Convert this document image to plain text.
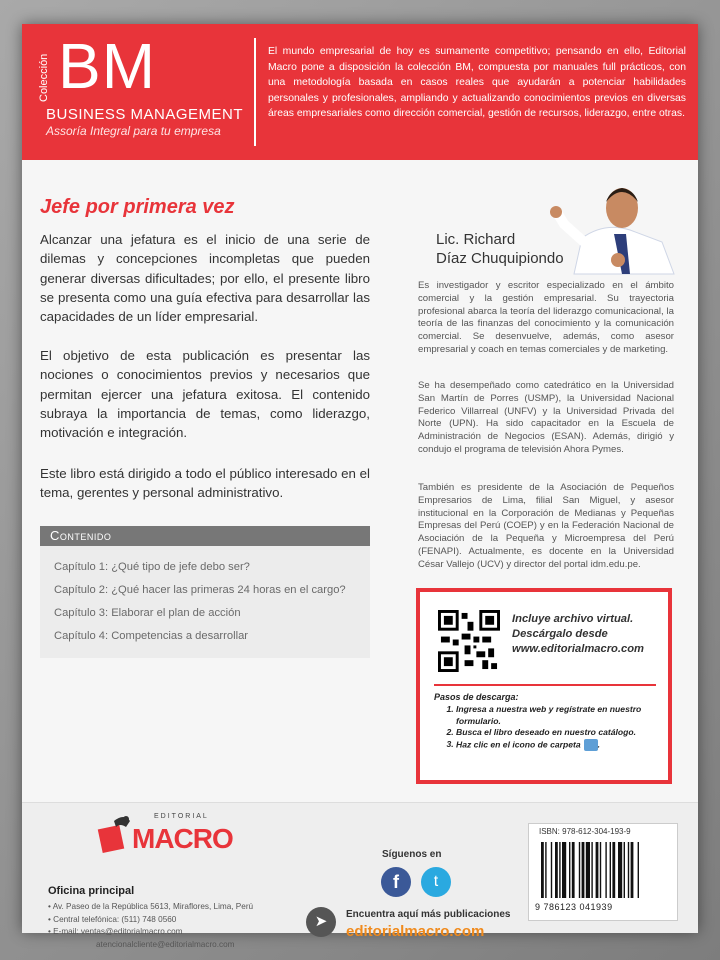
Colección BM
BUSINESS MANAGEMENT
Assoría Integral para tu empresa
El mundo empresarial de hoy es sumamente competitivo; pensando en ello, Editorial Macro pone a disposición la colección BM, compuesta por manuales full prácticos, con una metodología basada en casos reales que ayudarán a potenciar habilidades personales y profesionales, ampliando y actualizando conocimientos previos en diversas áreas empresariales como dirección comercial, gestión de recursos, liderazgo, entre otras.
Jefe por primera vez

Alcanzar una jefatura es el inicio de una serie de dilemas y concepciones incompletas que pueden generar diversas dificultades; por ello, el presente libro se presenta como una guía efectiva para desarrollar las capacidades de un líder empresarial.

El objetivo de esta publicación es presentar las nociones o conocimientos previos y necesarios que permitan ejercer una jefatura exitosa. El contenido subraya la importancia de temas, como liderazgo, motivación e integración.

Este libro está dirigido a todo el público interesado en el tema, gerentes y personal administrativo.

Contenido
Capítulo 1: ¿Qué tipo de jefe debo ser?
Capítulo 2: ¿Qué hacer las primeras 24 horas en el cargo?
Capítulo 3: Elaborar el plan de acción
Capítulo 4: Competencias a desarrollar
Lic. Richard
Díaz Chuquipiondo

Es investigador y escritor especializado en el ámbito comercial y la gestión empresarial. Su trayectoria profesional abarca la teoría del liderazgo comunicacional, la teoría de las finanzas del conocimiento y la comunicación comercial. Se desenvuelve, además, como asesor empresarial y coach en temas comerciales y de marketing.

Se ha desempeñado como catedrático en la Universidad San Martín de Porres (USMP), la Universidad Nacional Federico Villarreal (UNFV) y la Universidad Privada del Norte (UPN). Ha sido capacitador en la Escuela de Administración de Negocios (ESAN). Además, dirigió y condujo el programa de televisión Ahora Pymes.

También es presidente de la Asociación de Pequeños Empresarios de Lima, filial San Miguel, y asesor institucional en la Corporación de Medianas y Pequeñas Empresas del Perú (COEP) y en la Federación Nacional de Asociación de la Pequeña y Microempresa del Perú (FENAPI). Actualmente, es docente en la Universidad César Vallejo (UCV) y director del portal idm.edu.pe.

Incluye archivo virtual.
Descárgalo desde
www.editorialmacro.com
Pasos de descarga:
1. Ingresa a nuestra web y regístrate en nuestro formulario.
2. Busca el libro deseado en nuestro catálogo.
3. Haz clic en el icono de carpeta .
EDITORIAL
MACRO
Oficina principal
• Av. Paseo de la República 5613, Miraflores, Lima, Perú
• Central telefónica: (511) 748 0560
• E-mail: ventas@editorialmacro.com
atencionalcliente@editorialmacro.com
Síguenos en
f	t
➤	Encuentra aquí más publicaciones
editorialmacro.com
ISBN: 978-612-304-193-9
9 786123 041939
